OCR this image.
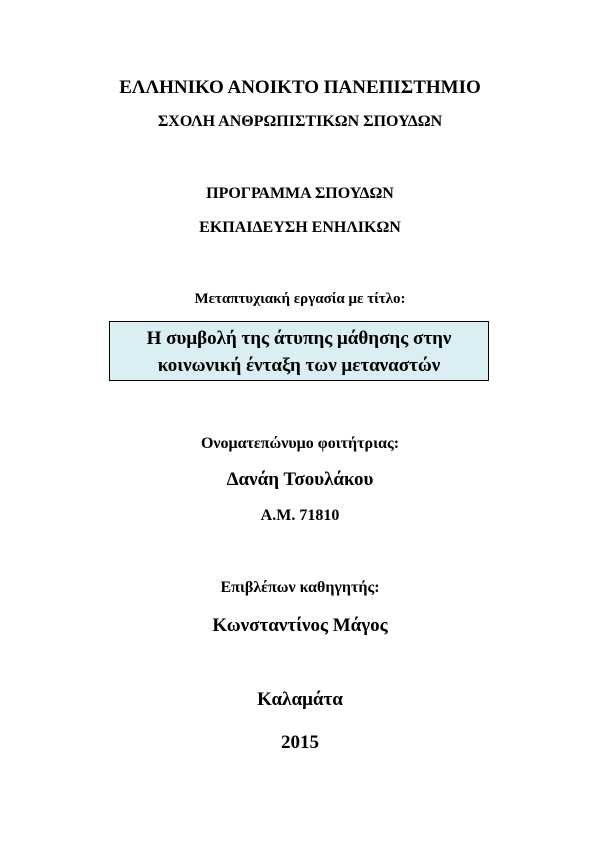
ΕΛΛΗΝΙΚΟ ΑΝΟΙΚΤΟ ΠΑΝΕΠΙΣΤΗΜΙΟ
ΣΧΟΛΗ ΑΝΘΡΩΠΙΣΤΙΚΩΝ ΣΠΟΥΔΩΝ
ΠΡΟΓΡΑΜΜΑ ΣΠΟΥΔΩΝ
ΕΚΠΑΙΔΕΥΣΗ ΕΝΗΛΙΚΩΝ
Μεταπτυχιακή εργασία με τίτλο:
Η συμβολή της άτυπης μάθησης στην
κοινωνική ένταξη των μεταναστών
Ονοματεπώνυμο φοιτήτριας:
Δανάη Τσουλάκου
Α.Μ. 71810
Επιβλέπων καθηγητής:
Κωνσταντίνος Μάγος
Καλαμάτα
2015
